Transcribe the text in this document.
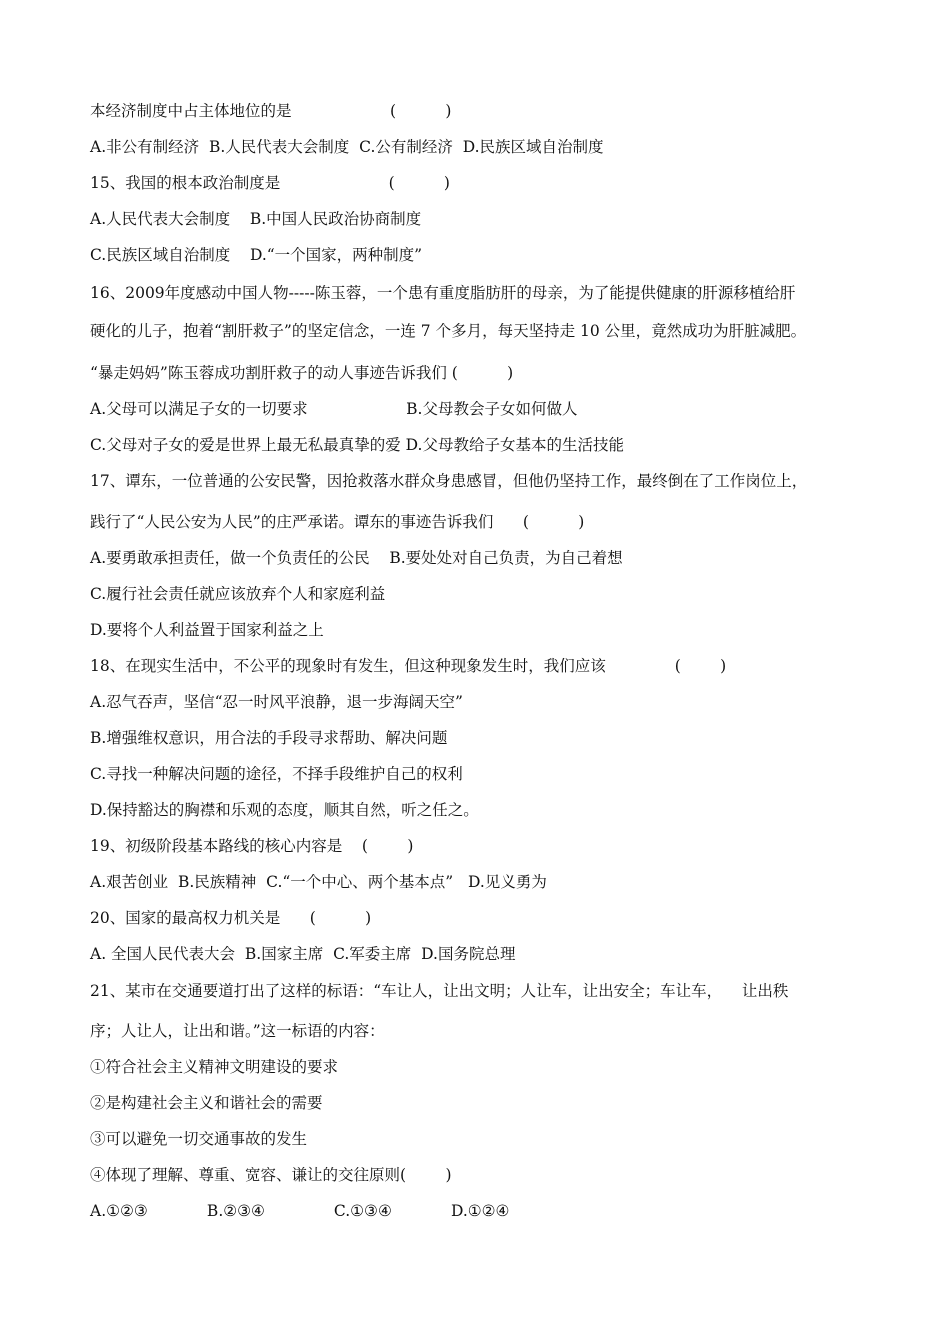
本经济制度中占主体地位的是                    (          )
A.非公有制经济  B.人民代表大会制度  C.公有制经济  D.民族区域自治制度
15、我国的根本政治制度是                      (          )
A.人民代表大会制度    B.中国人民政治协商制度
C.民族区域自治制度    D.“一个国家，两种制度”
16、2009年度感动中国人物-----陈玉蓉，一个患有重度脂肪肝的母亲，为了能提供健康的肝源移植给肝
硬化的儿子，抱着“割肝救子”的坚定信念，一连 7 个多月，每天坚持走 10 公里，竟然成功为肝脏减肥。
“暴走妈妈”陈玉蓉成功割肝救子的动人事迹告诉我们 (          )
A.父母可以满足子女的一切要求                    B.父母教会子女如何做人
C.父母对子女的爱是世界上最无私最真挚的爱 D.父母教给子女基本的生活技能
17、谭东，一位普通的公安民警，因抢救落水群众身患感冒，但他仍坚持工作，最终倒在了工作岗位上，
践行了“人民公安为人民”的庄严承诺。谭东的事迹告诉我们      (          )
A.要勇敢承担责任，做一个负责任的公民    B.要处处对自己负责，为自己着想
C.履行社会责任就应该放弃个人和家庭利益
D.要将个人利益置于国家利益之上
18、在现实生活中，不公平的现象时有发生，但这种现象发生时，我们应该              (        )
A.忍气吞声，坚信“忍一时风平浪静，退一步海阔天空”
B.增强维权意识，用合法的手段寻求帮助、解决问题
C.寻找一种解决问题的途径，不择手段维护自己的权利
D.保持豁达的胸襟和乐观的态度，顺其自然，听之任之。
19、初级阶段基本路线的核心内容是    (        )
A.艰苦创业  B.民族精神  C.“一个中心、两个基本点”   D.见义勇为
20、国家的最高权力机关是      (          )
A. 全国人民代表大会  B.国家主席  C.军委主席  D.国务院总理
21、某市在交通要道打出了这样的标语：“车让人，让出文明；人让车，让出安全；车让车，    让出秩
序；人让人，让出和谐。”这一标语的内容：
①符合社会主义精神文明建设的要求
②是构建社会主义和谐社会的需要
③可以避免一切交通事故的发生
④体现了理解、尊重、宽容、谦让的交往原则(        )
A.①②③            B.②③④              C.①③④            D.①②④
